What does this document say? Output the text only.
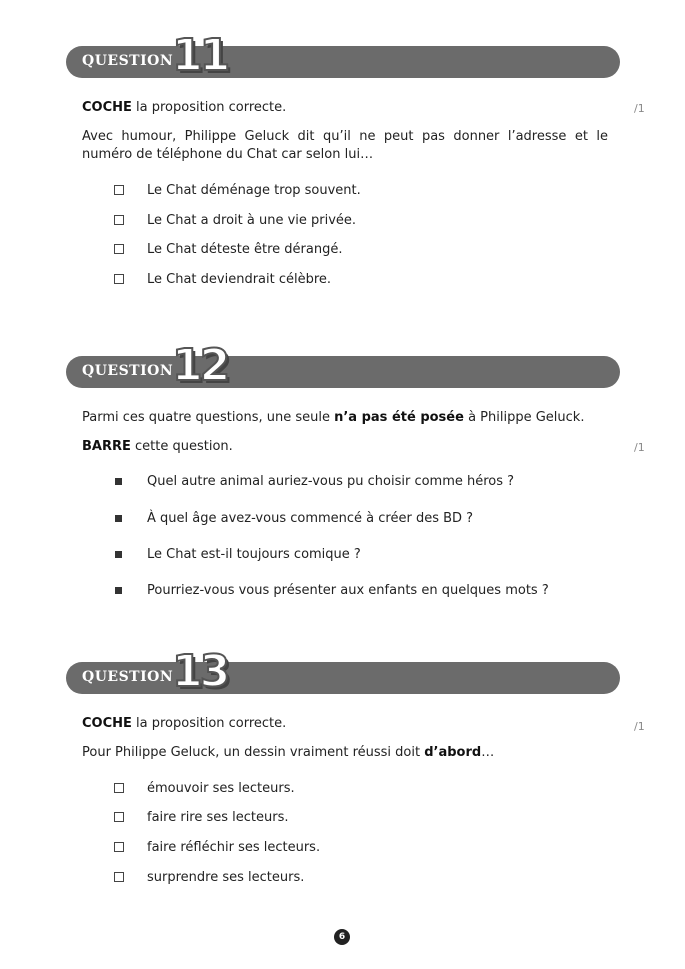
QUESTION
11
COCHE la proposition correcte.	/1
Avec humour, Philippe Geluck dit qu’il ne peut pas donner l’adresse et le numéro de téléphone du Chat car selon lui…
Le Chat déménage trop souvent.
Le Chat a droit à une vie privée.
Le Chat déteste être dérangé.
Le Chat deviendrait célèbre.
QUESTION
12
Parmi ces quatre questions, une seule n’a pas été posée à Philippe Geluck.
BARRE cette question.	/1
Quel autre animal auriez-vous pu choisir comme héros ?
À quel âge avez-vous commencé à créer des BD ?
Le Chat est-il toujours comique ?
Pourriez-vous vous présenter aux enfants en quelques mots ?
QUESTION
13
COCHE la proposition correcte.	/1
Pour Philippe Geluck, un dessin vraiment réussi doit d’abord…
émouvoir ses lecteurs.
faire rire ses lecteurs.
faire réfléchir ses lecteurs.
surprendre ses lecteurs.
6
